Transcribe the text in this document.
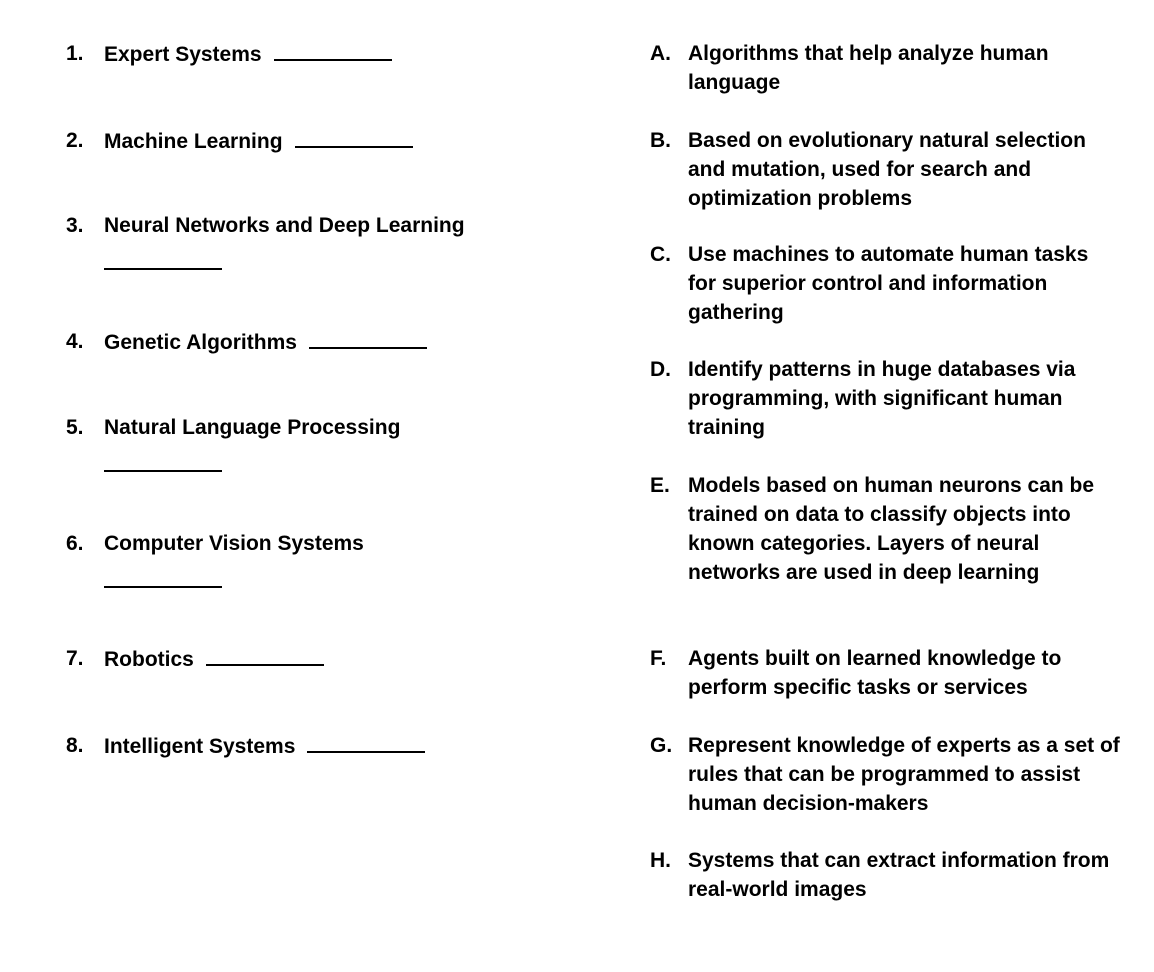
1. Expert Systems
2. Machine Learning
3. Neural Networks and Deep Learning
4. Genetic Algorithms
5. Natural Language Processing
6. Computer Vision Systems
7. Robotics
8. Intelligent Systems
A. Algorithms that help analyze human language
B. Based on evolutionary natural selection and mutation, used for search and optimization problems
C. Use machines to automate human tasks for superior control and information gathering
D. Identify patterns in huge databases via programming, with significant human training
E. Models based on human neurons can be trained on data to classify objects into known categories. Layers of neural networks are used in deep learning
F. Agents built on learned knowledge to perform specific tasks or services
G. Represent knowledge of experts as a set of rules that can be programmed to assist human decision-makers
H. Systems that can extract information from real-world images
